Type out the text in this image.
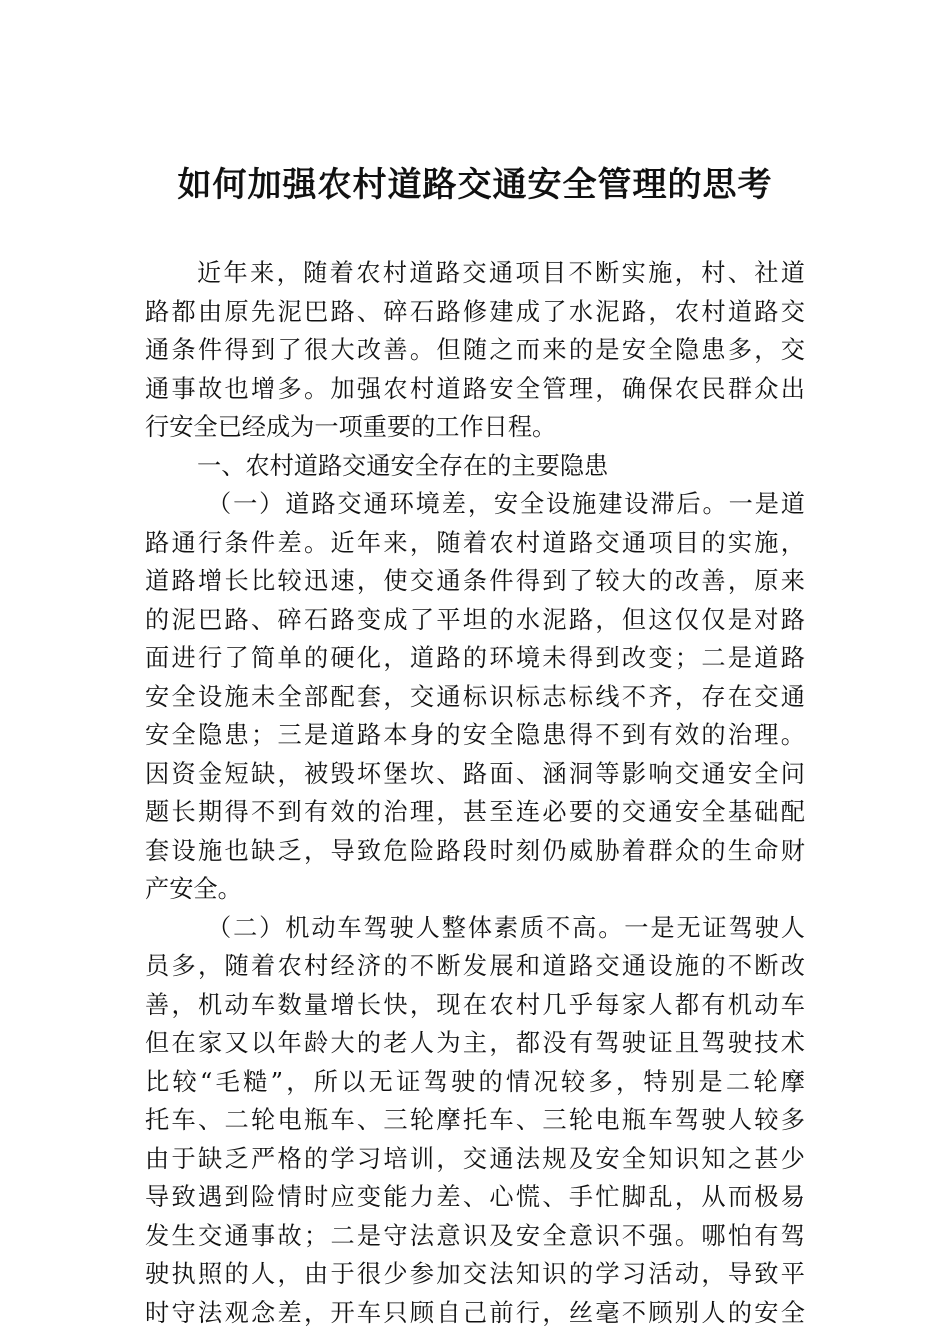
如何加强农村道路交通安全管理的思考
近年来，随着农村道路交通项目不断实施，村、社道
路都由原先泥巴路、碎石路修建成了水泥路，农村道路交
通条件得到了很大改善。但随之而来的是安全隐患多，交
通事故也增多。加强农村道路安全管理，确保农民群众出
行安全已经成为一项重要的工作日程。
一、农村道路交通安全存在的主要隐患
（一）道路交通环境差，安全设施建设滞后。一是道
路通行条件差。近年来，随着农村道路交通项目的实施，
道路增长比较迅速，使交通条件得到了较大的改善，原来
的泥巴路、碎石路变成了平坦的水泥路，但这仅仅是对路
面进行了简单的硬化，道路的环境未得到改变；二是道路
安全设施未全部配套，交通标识标志标线不齐，存在交通
安全隐患；三是道路本身的安全隐患得不到有效的治理。
因资金短缺，被毁坏堡坎、路面、涵洞等影响交通安全问
题长期得不到有效的治理，甚至连必要的交通安全基础配
套设施也缺乏，导致危险路段时刻仍威胁着群众的生命财
产安全。
（二）机动车驾驶人整体素质不高。一是无证驾驶人
员多，随着农村经济的不断发展和道路交通设施的不断改
善，机动车数量增长快，现在农村几乎每家人都有机动车
但在家又以年龄大的老人为主，都没有驾驶证且驾驶技术
比较“毛糙”，所以无证驾驶的情况较多，特别是二轮摩
托车、二轮电瓶车、三轮摩托车、三轮电瓶车驾驶人较多
由于缺乏严格的学习培训，交通法规及安全知识知之甚少
导致遇到险情时应变能力差、心慌、手忙脚乱，从而极易
发生交通事故；二是守法意识及安全意识不强。哪怕有驾
驶执照的人，由于很少参加交法知识的学习活动，导致平
时守法观念差，开车只顾自己前行，丝毫不顾别人的安全
